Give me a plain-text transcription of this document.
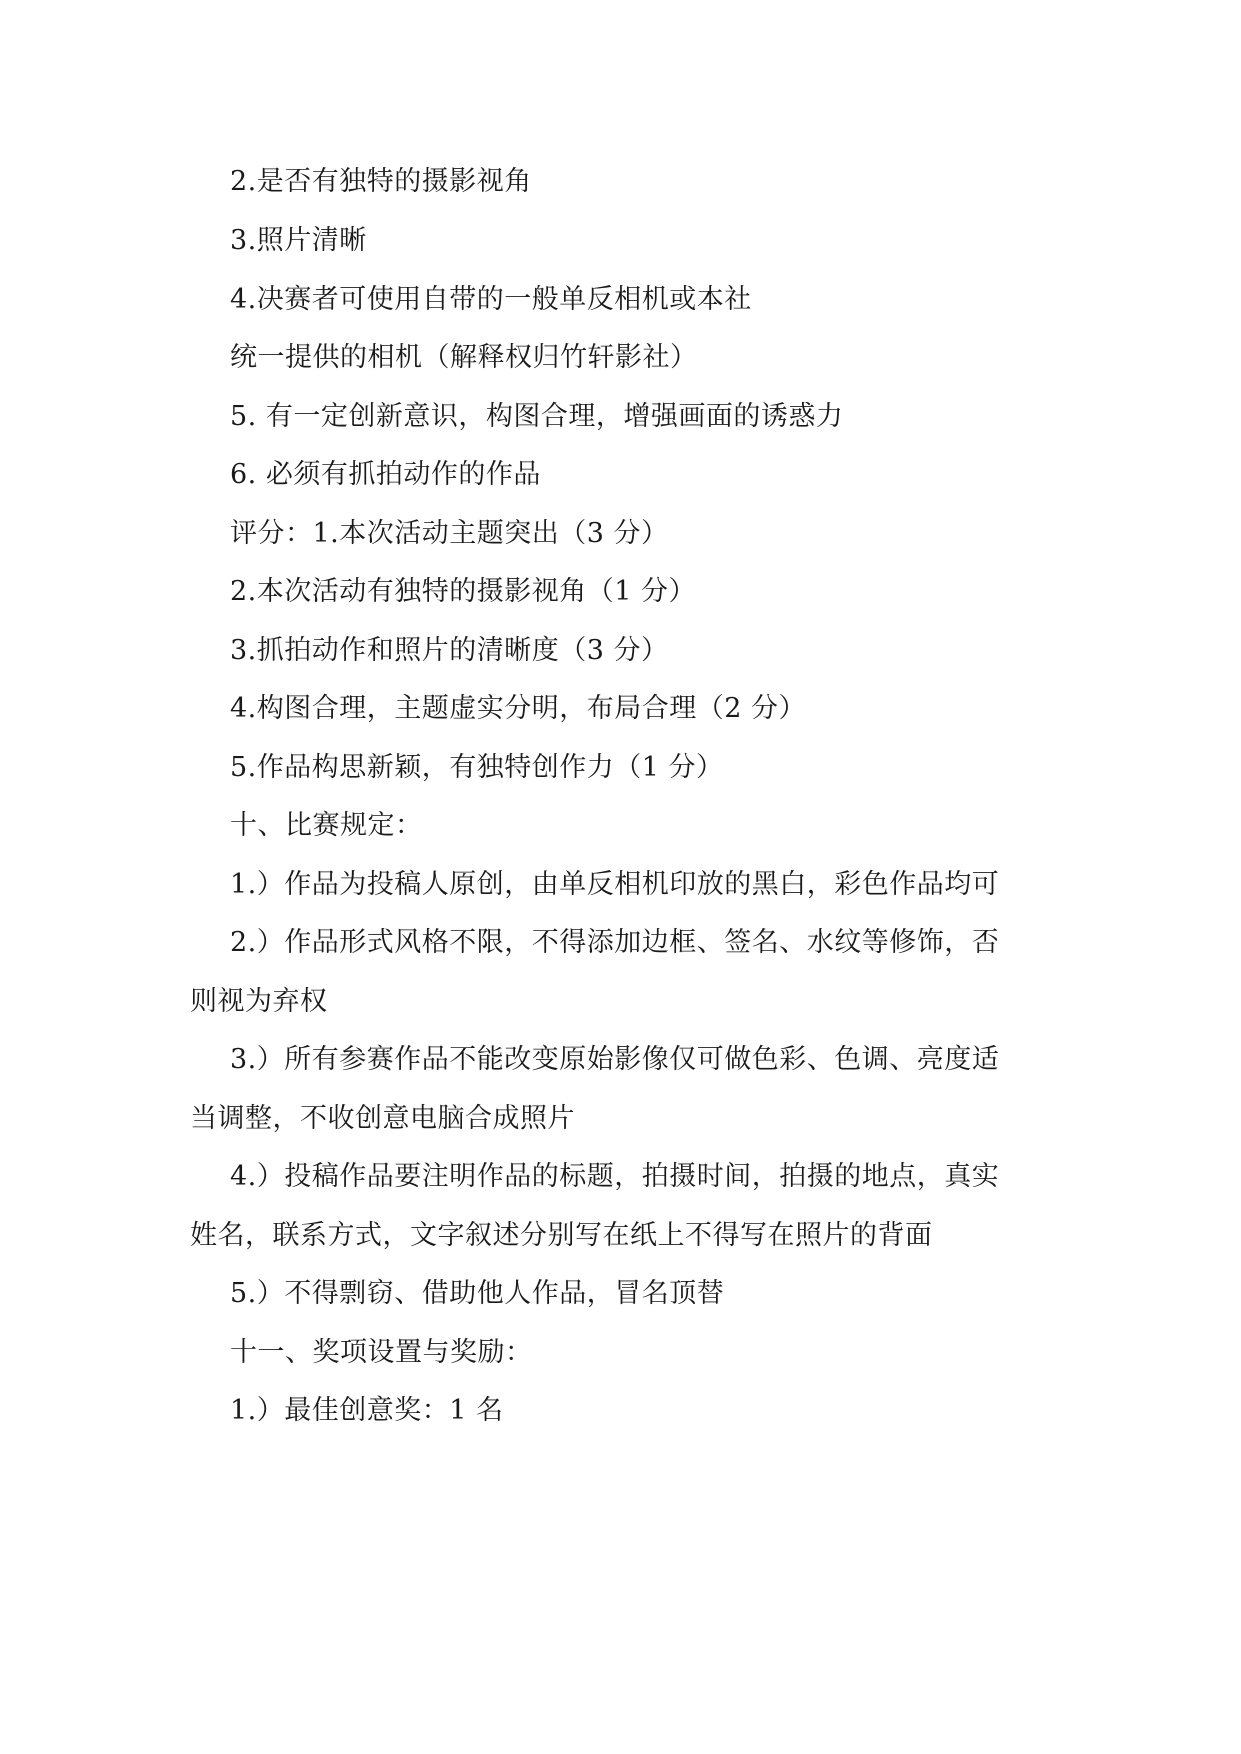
2.是否有独特的摄影视角
3.照片清晰
4.决赛者可使用自带的一般单反相机或本社
统一提供的相机（解释权归竹轩影社）
5. 有一定创新意识，构图合理，增强画面的诱惑力
6. 必须有抓拍动作的作品
评分：1.本次活动主题突出（3 分）
2.本次活动有独特的摄影视角（1 分）
3.抓拍动作和照片的清晰度（3 分）
4.构图合理，主题虚实分明，布局合理（2 分）
5.作品构思新颖，有独特创作力（1 分）
十、比赛规定：
1.）作品为投稿人原创，由单反相机印放的黑白，彩色作品均可
2.）作品形式风格不限，不得添加边框、签名、水纹等修饰，否
则视为弃权
3.）所有参赛作品不能改变原始影像仅可做色彩、色调、亮度适
当调整，不收创意电脑合成照片
4.）投稿作品要注明作品的标题，拍摄时间，拍摄的地点，真实
姓名，联系方式，文字叙述分别写在纸上不得写在照片的背面
5.）不得剽窃、借助他人作品，冒名顶替
十一、奖项设置与奖励：
1.）最佳创意奖：1 名
